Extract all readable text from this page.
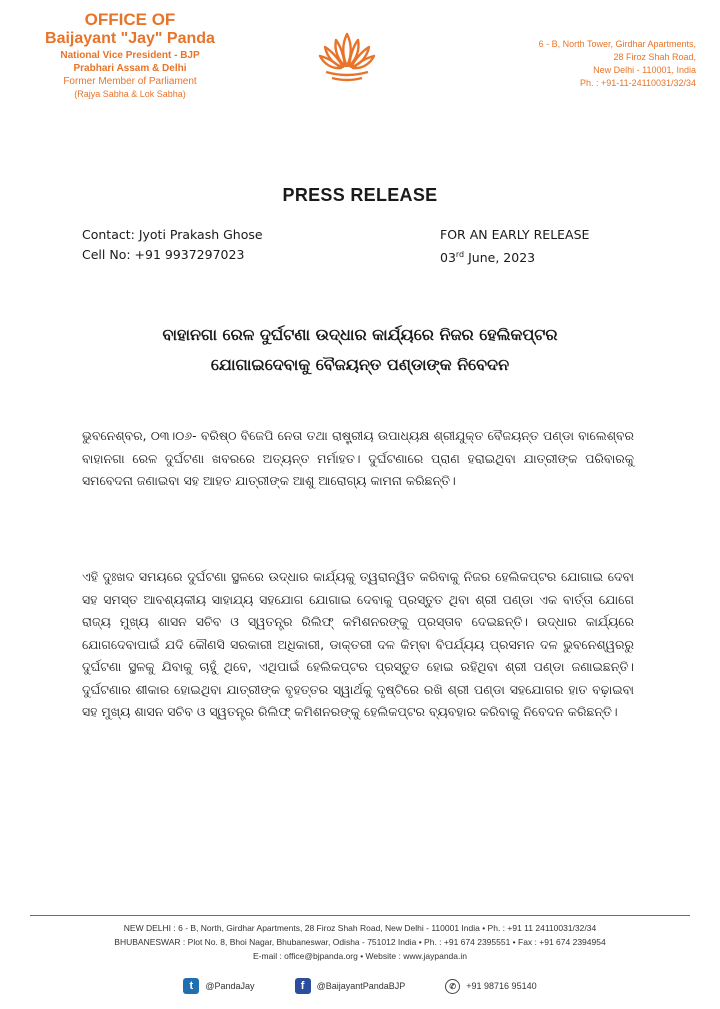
OFFICE OF
Baijayant "Jay" Panda
National Vice President - BJP
Prabhari Assam & Delhi
Former Member of Parliament
(Rajya Sabha & Lok Sabha)
6 - B, North Tower, Girdhar Apartments,
28 Firoz Shah Road,
New Delhi - 110001, India
Ph. : +91-11-24110031/32/34
PRESS RELEASE
Contact: Jyoti Prakash Ghose
Cell No: +91 9937297023
FOR AN EARLY RELEASE
03rd June, 2023
ବାହାନଗା ରେଳ ଦୁର୍ଘଟଣା ଉଦ୍ଧାର କାର୍ଯ୍ୟରେ ନିଜର ହେଲିକପ୍ଟର
ଯୋଗାଇଦେବାକୁ ବୈଜୟନ୍ତ ପଣ୍ଡାଙ୍କ ନିବେଦନ
ଭୁବନେଶ୍ବର, ୦୩।୦୬- ବରିଷ୍ଠ ବିଜେପି ନେତା ତଥା ରାଷ୍ଟ୍ରୀୟ ଉପାଧ୍ୟକ୍ଷ ଶ୍ରୀଯୁକ୍ତ ବୈଜୟନ୍ତ ପଣ୍ଡା ବାଲେଶ୍ବର ବାହାନଗା ରେଳ ଦୁର୍ଘଟଣା ଖବରରେ ଅତ୍ୟନ୍ତ ମର୍ମାହତ। ଦୁର୍ଘଟଣାରେ ପ୍ରାଣ ହରାଇଥିବା ଯାତ୍ରୀଙ୍କ ପରିବାରକୁ ସମବେଦନା ଜଣାଇବା ସହ ଆହତ ଯାତ୍ରୀଙ୍କ ଆଶୁ ଆରୋଗ୍ୟ କାମନା କରିଛନ୍ତି।
ଏହି ଦୁଃଖଦ ସମୟରେ ଦୁର୍ଘଟଣା ସ୍ଥଳରେ ଉଦ୍ଧାର କାର୍ଯ୍ୟକୁ ତ୍ୱରାନ୍ୱିତ କରିବାକୁ ନିଜର ହେଲିକପ୍ଟର ଯୋଗାଇ ଦେବା ସହ ସମସ୍ତ ଆବଶ୍ୟକୀୟ ସାହାଯ୍ୟ ସହଯୋଗ ଯୋଗାଇ ଦେବାକୁ ପ୍ରସ୍ତୁତ ଥିବା ଶ୍ରୀ ପଣ୍ଡା ଏକ ବାର୍ତ୍ତା ଯୋଗେ ରାଜ୍ୟ ମୁଖ୍ୟ ଶାସନ ସଚିବ ଓ ସ୍ୱତନ୍ତ୍ର ରିଲିଫ୍ କମିଶନରଙ୍କୁ ପ୍ରସ୍ତାବ ଦେଇଛନ୍ତି। ଉଦ୍ଧାର କାର୍ଯ୍ୟରେ ଯୋଗଦେବାପାଇଁ ଯଦି କୌଣସି ସରକାରୀ ଅଧିକାରୀ, ଡାକ୍ତରୀ ଦଳ କିମ୍ବା ବିପର୍ଯ୍ୟୟ ପ୍ରସମନ ଦଳ ଭୁବନେଶ୍ୱରରୁ ଦୁର୍ଘଟଣା ସ୍ଥଳକୁ ଯିବାକୁ ଚାହୁଁ ଥିବେ, ଏଥିପାଇଁ ହେଲିକପ୍ଟର ପ୍ରସ୍ତୁତ ହୋଇ ରହିଥିବା ଶ୍ରୀ ପଣ୍ଡା ଜଣାଇଛନ୍ତି। ଦୁର୍ଘଟଣାର ଶୀକାର ହୋଇଥିବା ଯାତ୍ରୀଙ୍କ ବୃହତ୍ତର ସ୍ୱାର୍ଥକୁ ଦୃଷ୍ଟିରେ ରଖି ଶ୍ରୀ ପଣ୍ଡା ସହଯୋଗର ହାତ ବଢ଼ାଇବା ସହ ମୁଖ୍ୟ ଶାସନ ସଚିବ ଓ ସ୍ୱତନ୍ତ୍ର ରିଲିଫ୍ କମିଶନରଙ୍କୁ ହେଲିକପ୍ଟର ବ୍ୟବହାର କରିବାକୁ ନିବେଦନ କରିଛନ୍ତି।
NEW DELHI : 6 - B, North, Girdhar Apartments, 28 Firoz Shah Road, New Delhi - 110001 India • Ph. : +91 11 24110031/32/34
BHUBANESWAR : Plot No. 8, Bhoi Nagar, Bhubaneswar, Odisha - 751012 India • Ph. : +91 674 2395551 • Fax : +91 674 2394954
E-mail : office@bjpanda.org • Website : www.jaypanda.in
t	@PandaJay	f	@BaijayantPandaBJP	✆	+91 98716 95140
